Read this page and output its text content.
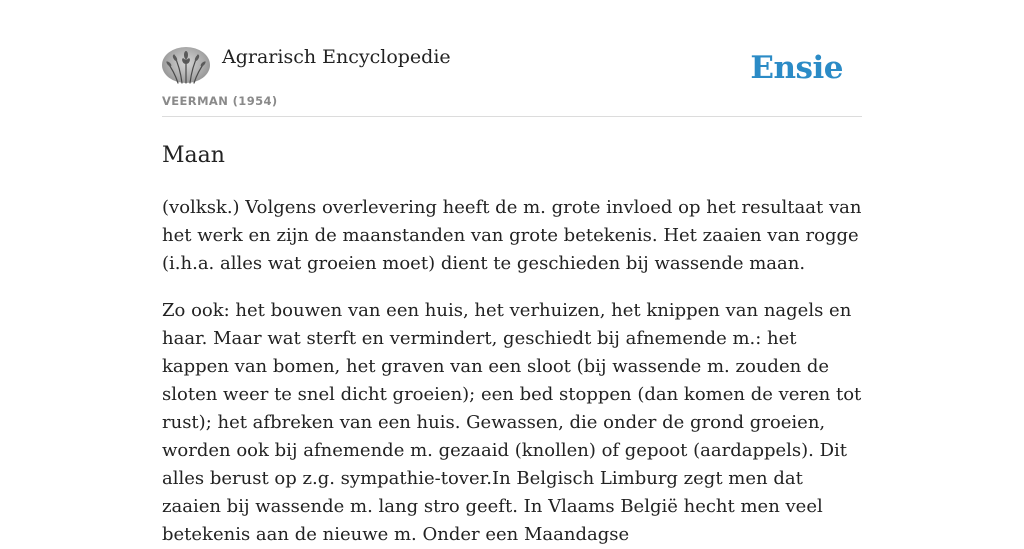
Agrarisch Encyclopedie
VEERMAN (1954)
Ensie
Maan

(volksk.) Volgens overlevering heeft de m. grote invloed op het resultaat van het werk en zijn de maanstanden van grote betekenis. Het zaaien van rogge (i.h.a. alles wat groeien moet) dient te geschieden bij wassende maan.

Zo ook: het bouwen van een huis, het verhuizen, het knippen van nagels en haar. Maar wat sterft en vermindert, geschiedt bij afnemende m.: het kappen van bomen, het graven van een sloot (bij wassende m. zouden de sloten weer te snel dicht groeien); een bed stoppen (dan komen de veren tot rust); het afbreken van een huis. Gewassen, die onder de grond groeien, worden ook bij afnemende m. gezaaid (knollen) of gepoot (aardappels). Dit alles berust op z.g. sympathie-tover.In Belgisch Limburg zegt men dat zaaien bij wassende m. lang stro geeft. In Vlaams België hecht men veel betekenis aan de nieuwe m. Onder een Maandagse
